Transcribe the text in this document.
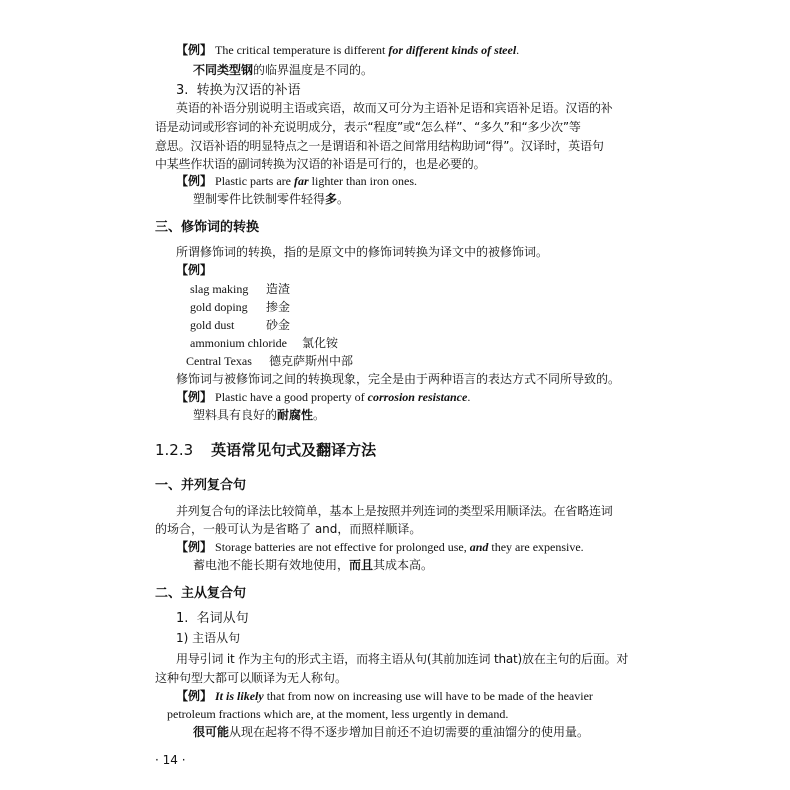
【例】 The critical temperature is different for different kinds of steel.
不同类型钢的临界温度是不同的。
3. 转换为汉语的补语
英语的补语分别说明主语或宾语，故而又可分为主语补足语和宾语补足语。汉语的补
语是动词或形容词的补充说明成分，表示“程度”或“怎么样”、“多久”和“多少次”等
意思。汉语补语的明显特点之一是谓语和补语之间常用结构助词“得”。汉译时，英语句
中某些作状语的副词转换为汉语的补语是可行的，也是必要的。
【例】 Plastic parts are far lighter than iron ones.
塑制零件比铁制零件轻得多。
三、修饰词的转换
所谓修饰词的转换，指的是原文中的修饰词转换为译文中的被修饰词。
【例】
slag making 造渣
gold doping 掺金
gold dust	砂金
ammonium chloride 氯化铵
Central Texas 德克萨斯州中部
修饰词与被修饰词之间的转换现象，完全是由于两种语言的表达方式不同所导致的。
【例】 Plastic have a good property of corrosion resistance.
塑料具有良好的耐腐性。
1.2.3 英语常见句式及翻译方法
一、并列复合句
并列复合句的译法比较简单，基本上是按照并列连词的类型采用顺译法。在省略连词
的场合，一般可认为是省略了 and，而照样顺译。
【例】 Storage batteries are not effective for prolonged use, and they are expensive.
蓄电池不能长期有效地使用，而且其成本高。
二、主从复合句
1. 名词从句
1) 主语从句
用导引词 it 作为主句的形式主语，而将主语从句(其前加连词 that)放在主句的后面。对
这种句型大都可以顺译为无人称句。
【例】 It is likely that from now on increasing use will have to be made of the heavier
petroleum fractions which are, at the moment, less urgently in demand.
很可能从现在起将不得不逐步增加目前还不迫切需要的重油馏分的使用量。
· 14 ·
